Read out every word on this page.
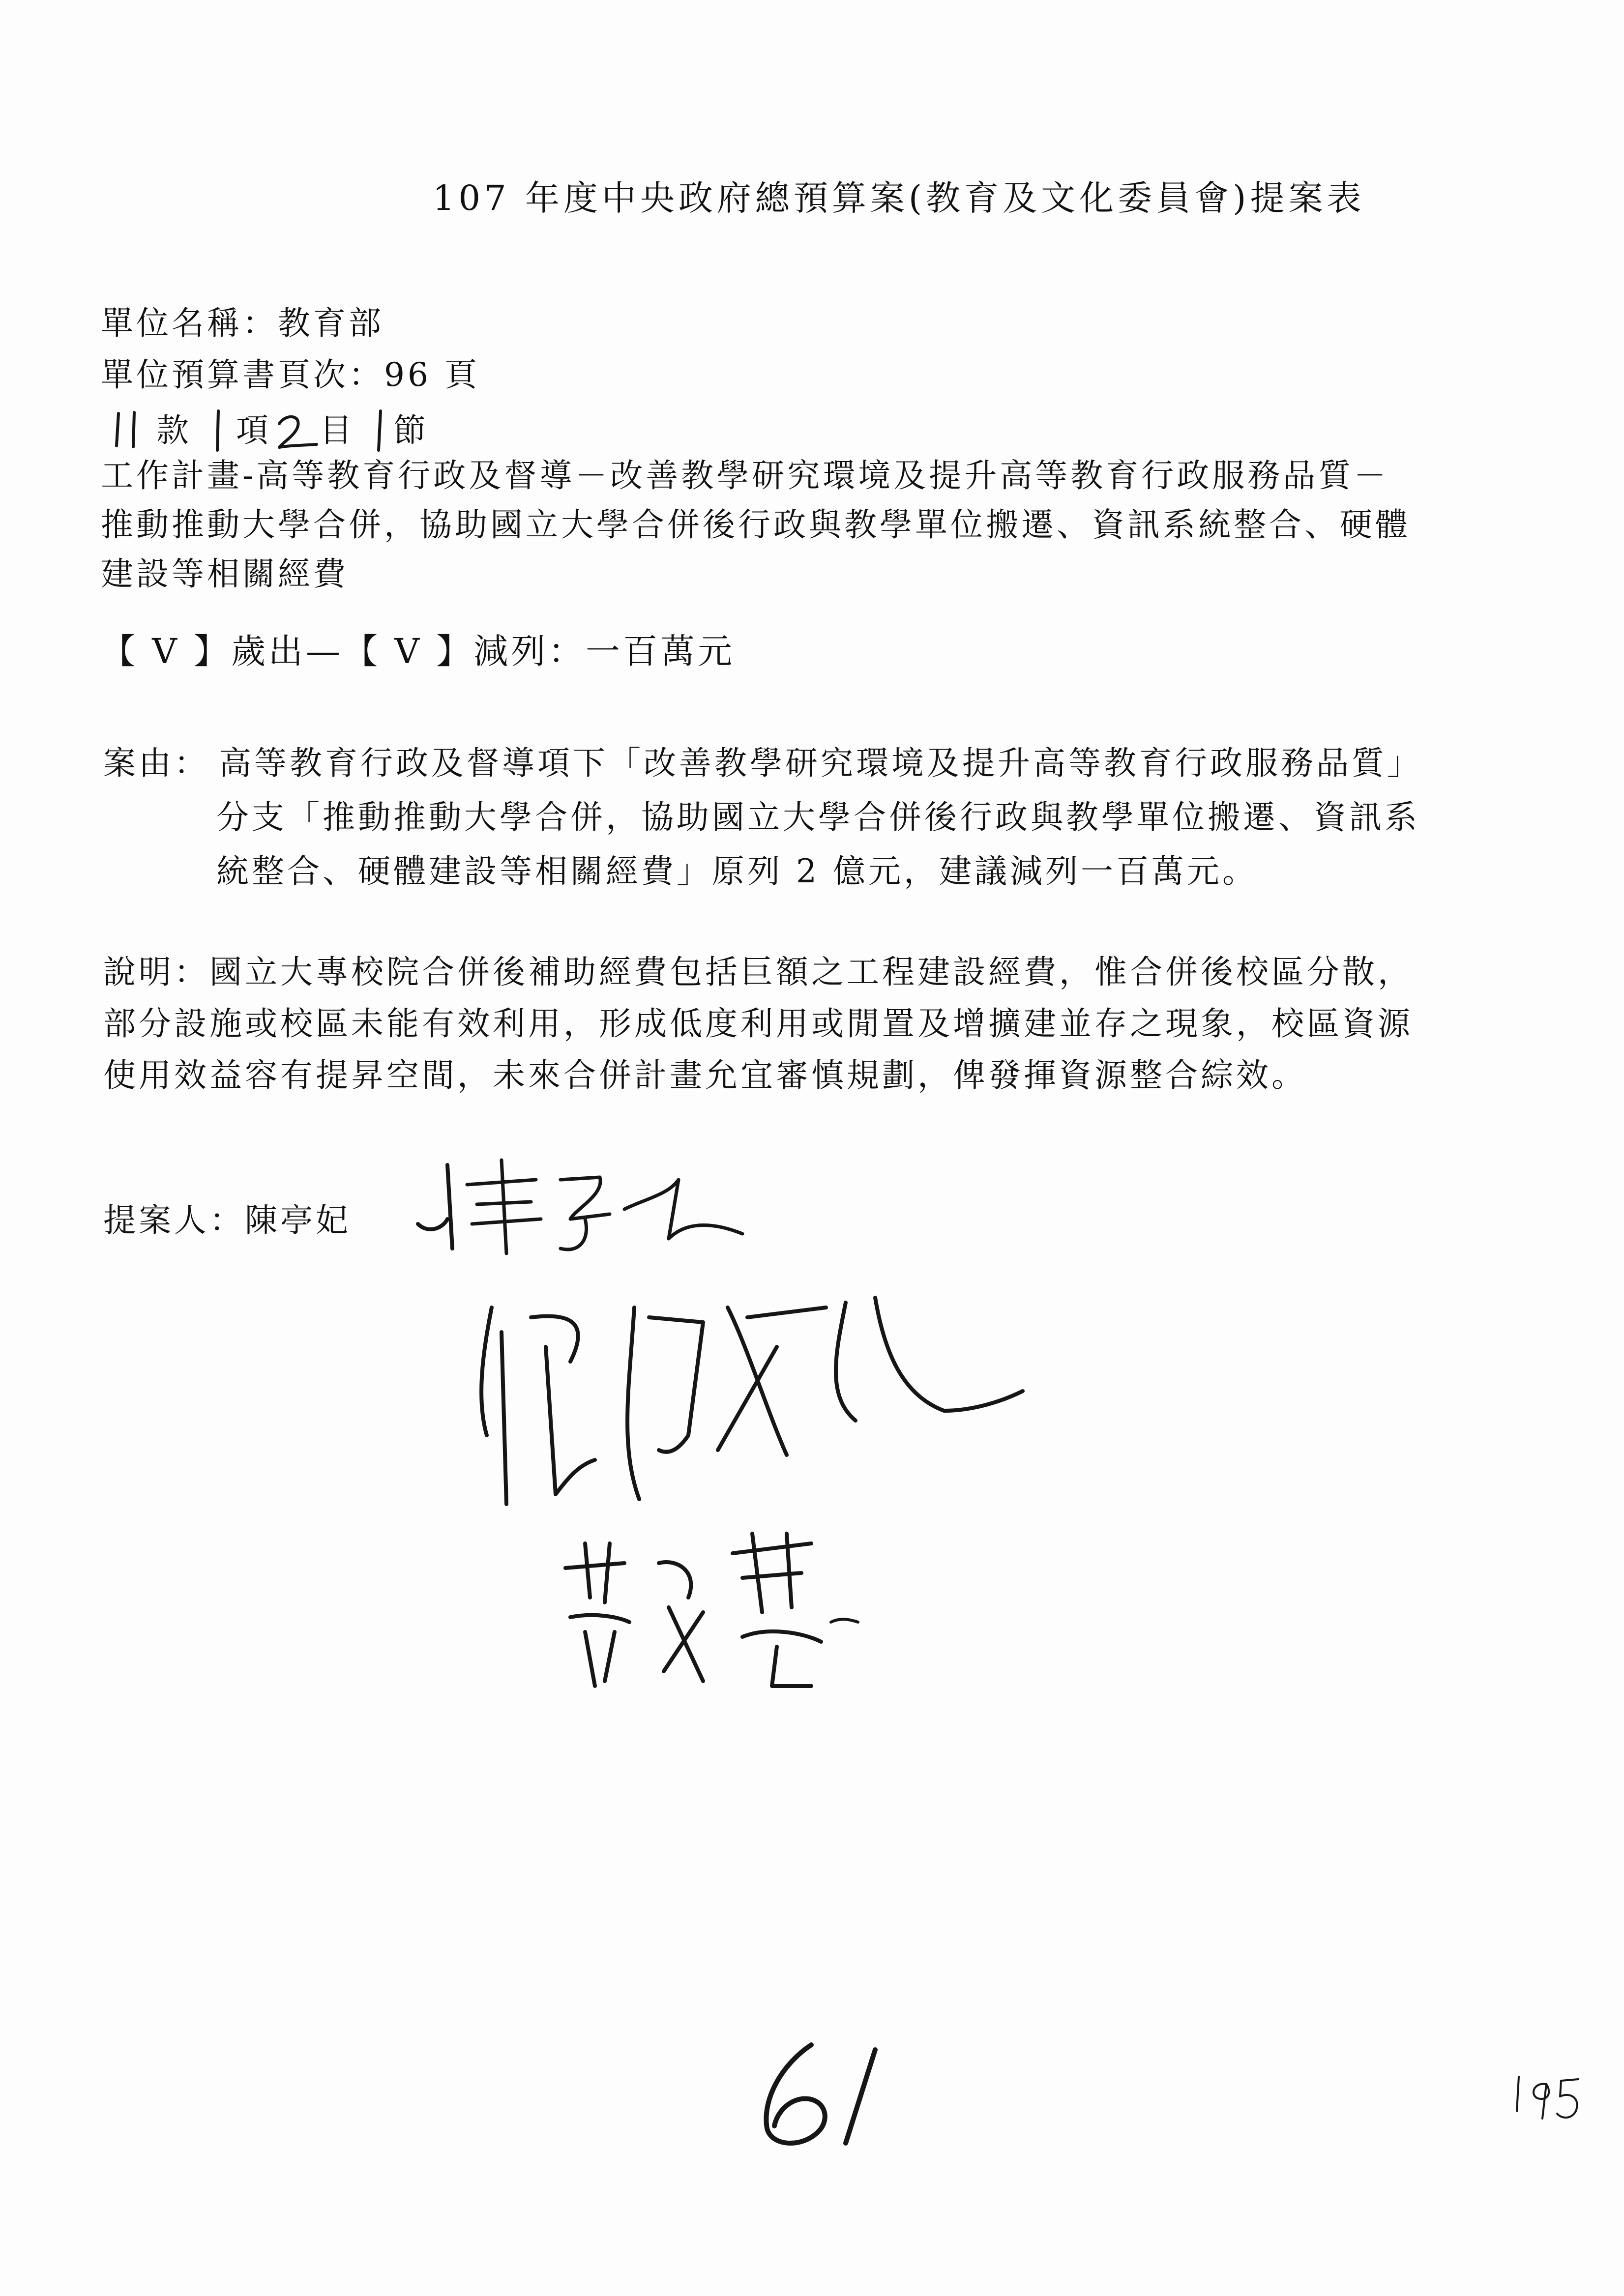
107 年度中央政府總預算案(教育及文化委員會)提案表
單位名稱：教育部
單位預算書頁次：96 頁
款 項 目 節
工作計畫-高等教育行政及督導－改善教學研究環境及提升高等教育行政服務品質－
推動推動大學合併，協助國立大學合併後行政與教學單位搬遷、資訊系統整合、硬體
建設等相關經費
【 V 】歲出—【 V 】減列：一百萬元
案由： 高等教育行政及督導項下「改善教學研究環境及提升高等教育行政服務品質」
分支「推動推動大學合併，協助國立大學合併後行政與教學單位搬遷、資訊系
統整合、硬體建設等相關經費」原列 2 億元，建議減列一百萬元。
說明：國立大專校院合併後補助經費包括巨額之工程建設經費，惟合併後校區分散，
部分設施或校區未能有效利用，形成低度利用或閒置及增擴建並存之現象，校區資源
使用效益容有提昇空間，未來合併計畫允宜審慎規劃，俾發揮資源整合綜效。
提案人：陳亭妃
